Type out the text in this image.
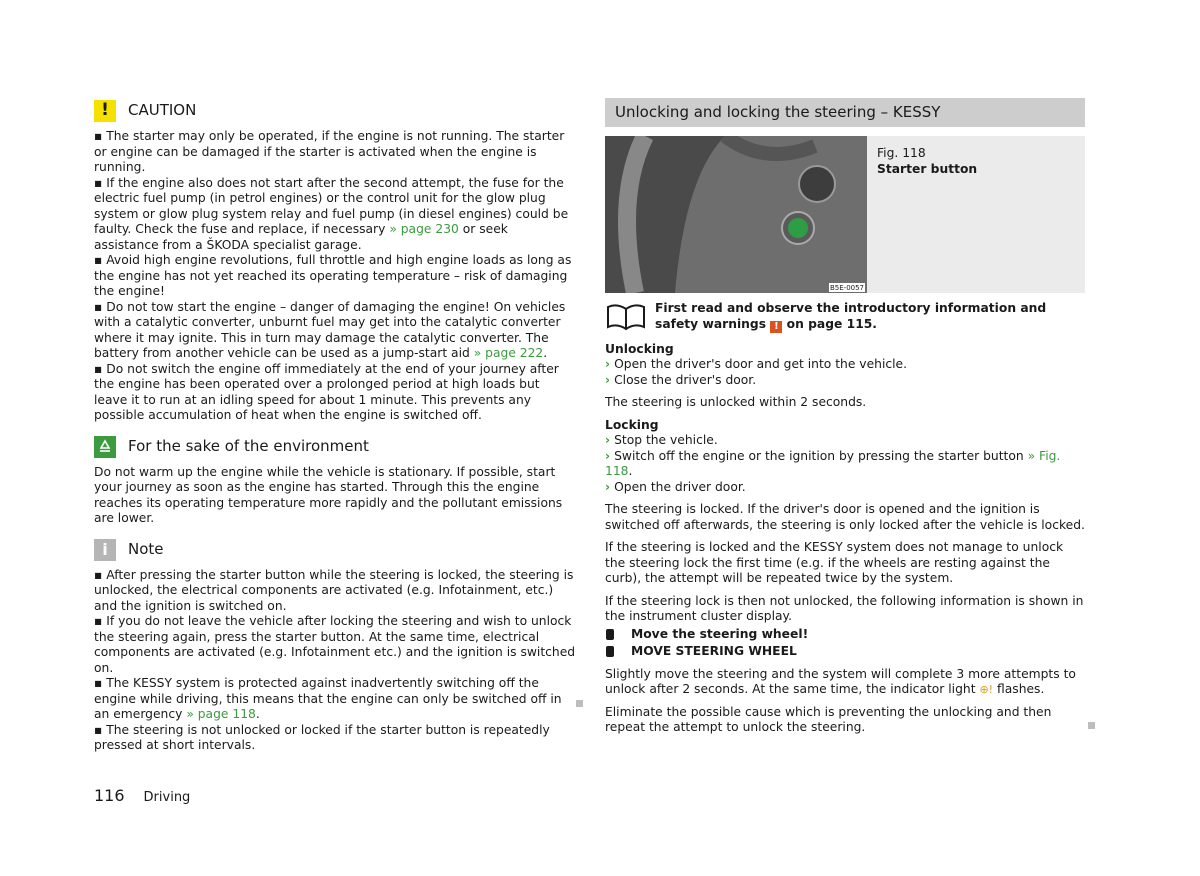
!	CAUTION

▪ The starter may only be operated, if the engine is not running. The starter or engine can be damaged if the starter is activated when the engine is running.

▪ If the engine also does not start after the second attempt, the fuse for the electric fuel pump (in petrol engines) or the control unit for the glow plug system or glow plug system relay and fuel pump (in diesel engines) could be faulty. Check the fuse and replace, if necessary » page 230 or seek assistance from a ŠKODA specialist garage.

▪ Avoid high engine revolutions, full throttle and high engine loads as long as the engine has not yet reached its operating temperature – risk of damaging the engine!

▪ Do not tow start the engine – danger of damaging the engine! On vehicles with a catalytic converter, unburnt fuel may get into the catalytic converter where it may ignite. This in turn may damage the catalytic converter. The battery from another vehicle can be used as a jump-start aid » page 222.

▪ Do not switch the engine off immediately at the end of your journey after the engine has been operated over a prolonged period at high loads but leave it to run at an idling speed for about 1 minute. This prevents any possible accumulation of heat when the engine is switched off.

For the sake of the environment

Do not warm up the engine while the vehicle is stationary. If possible, start your journey as soon as the engine has started. Through this the engine reaches its operating temperature more rapidly and the pollutant emissions are lower.

i	Note

▪ After pressing the starter button while the steering is locked, the steering is unlocked, the electrical components are activated (e.g. Infotainment, etc.) and the ignition is switched on.

▪ If you do not leave the vehicle after locking the steering and wish to unlock the steering again, press the starter button. At the same time, electrical components are activated (e.g. Infotainment etc.) and the ignition is switched on.

▪ The KESSY system is protected against inadvertently switching off the engine while driving, this means that the engine can only be switched off in an emergency » page 118.

▪ The steering is not unlocked or locked if the starter button is repeatedly pressed at short intervals.

Unlocking and locking the steering – KESSY
B5E-0057
Fig. 118
Starter button
First read and observe the introductory information and safety warnings ! on page 115.

Unlocking

› Open the driver's door and get into the vehicle.

› Close the driver's door.

The steering is unlocked within 2 seconds.

Locking

› Stop the vehicle.

› Switch off the engine or the ignition by pressing the starter button » Fig. 118.

› Open the driver door.

The steering is locked. If the driver's door is opened and the ignition is switched off afterwards, the steering is only locked after the vehicle is locked.

If the steering is locked and the KESSY system does not manage to unlock the steering lock the first time (e.g. if the wheels are resting against the curb), the attempt will be repeated twice by the system.

If the steering lock is then not unlocked, the following information is shown in the instrument cluster display.

Move the steering wheel!
MOVE STEERING WHEEL

Slightly move the steering and the system will complete 3 more attempts to unlock after 2 seconds. At the same time, the indicator light ⊕! flashes.

Eliminate the possible cause which is preventing the unlocking and then repeat the attempt to unlock the steering.

116 Driving
